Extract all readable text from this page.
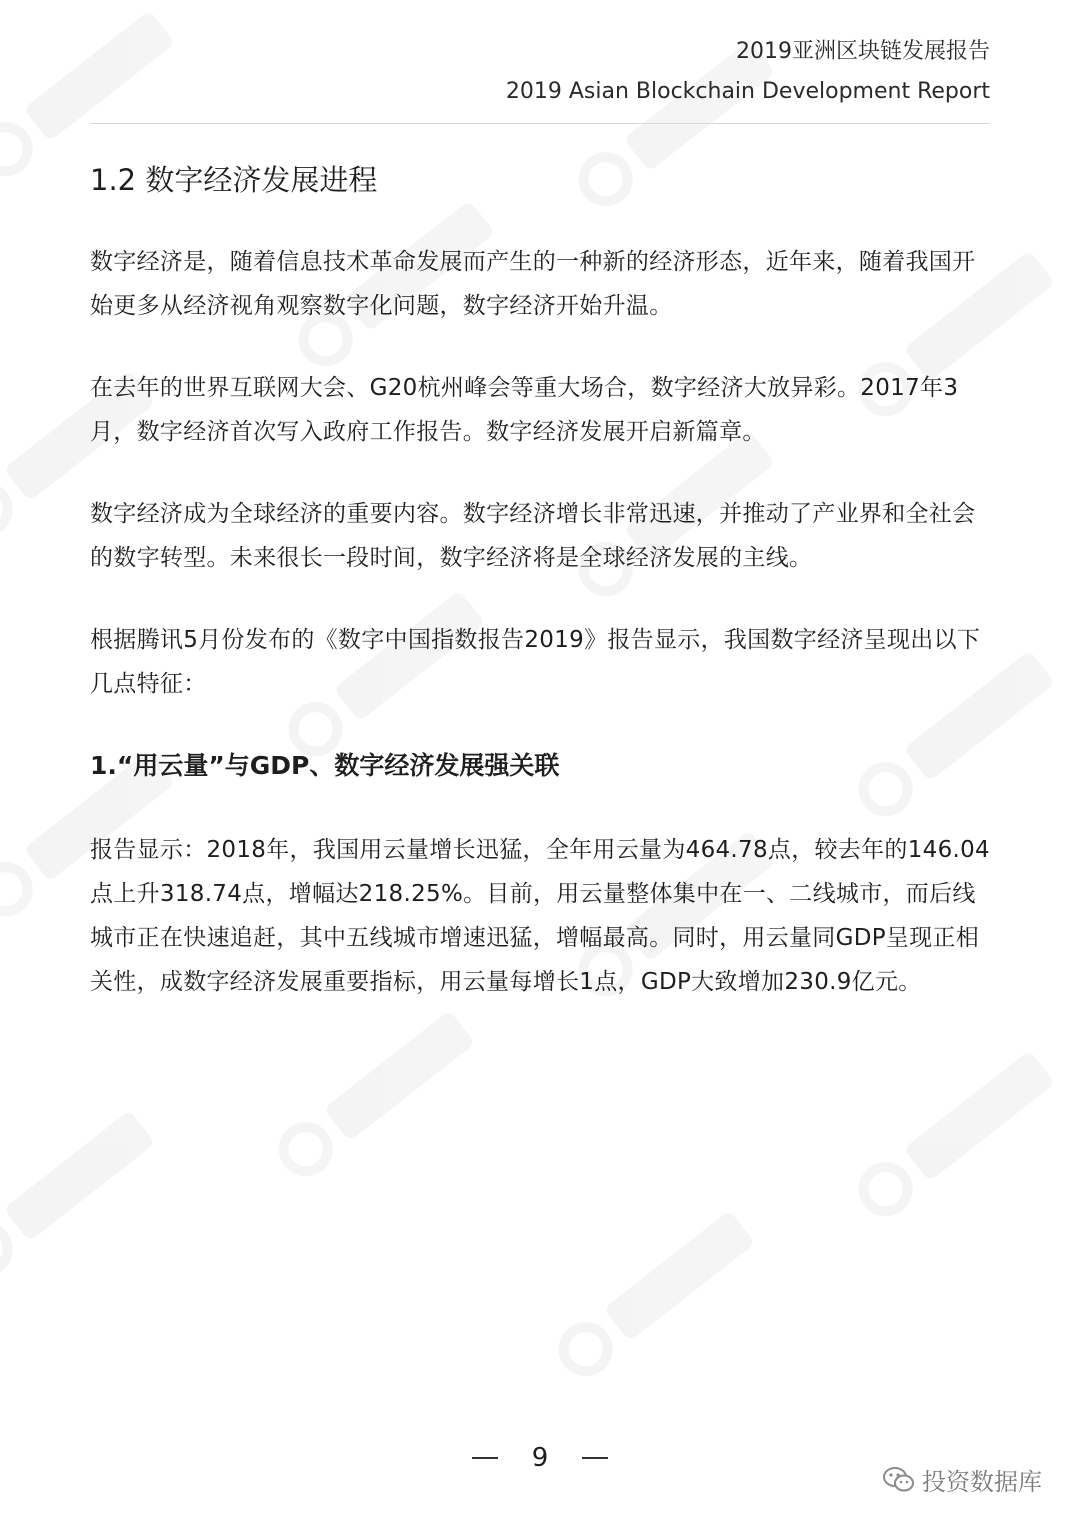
2019亚洲区块链发展报告
2019 Asian Blockchain Development Report
1.2 数字经济发展进程

数字经济是，随着信息技术革命发展而产生的一种新的经济形态，近年来，随着我国开始更多从经济视角观察数字化问题，数字经济开始升温。

在去年的世界互联网大会、G20杭州峰会等重大场合，数字经济大放异彩。2017年3月，数字经济首次写入政府工作报告。数字经济发展开启新篇章。

数字经济成为全球经济的重要内容。数字经济增长非常迅速，并推动了产业界和全社会的数字转型。未来很长一段时间，数字经济将是全球经济发展的主线。

根据腾讯5月份发布的《数字中国指数报告2019》报告显示，我国数字经济呈现出以下几点特征：

1.“用云量”与GDP、数字经济发展强关联

报告显示：2018年，我国用云量增长迅猛，全年用云量为464.78点，较去年的146.04点上升318.74点，增幅达218.25%。目前，用云量整体集中在一、二线城市，而后线城市正在快速追赶，其中五线城市增速迅猛，增幅最高。同时，用云量同GDP呈现正相关性，成数字经济发展重要指标，用云量每增长1点，GDP大致增加230.9亿元。

9
投资数据库
